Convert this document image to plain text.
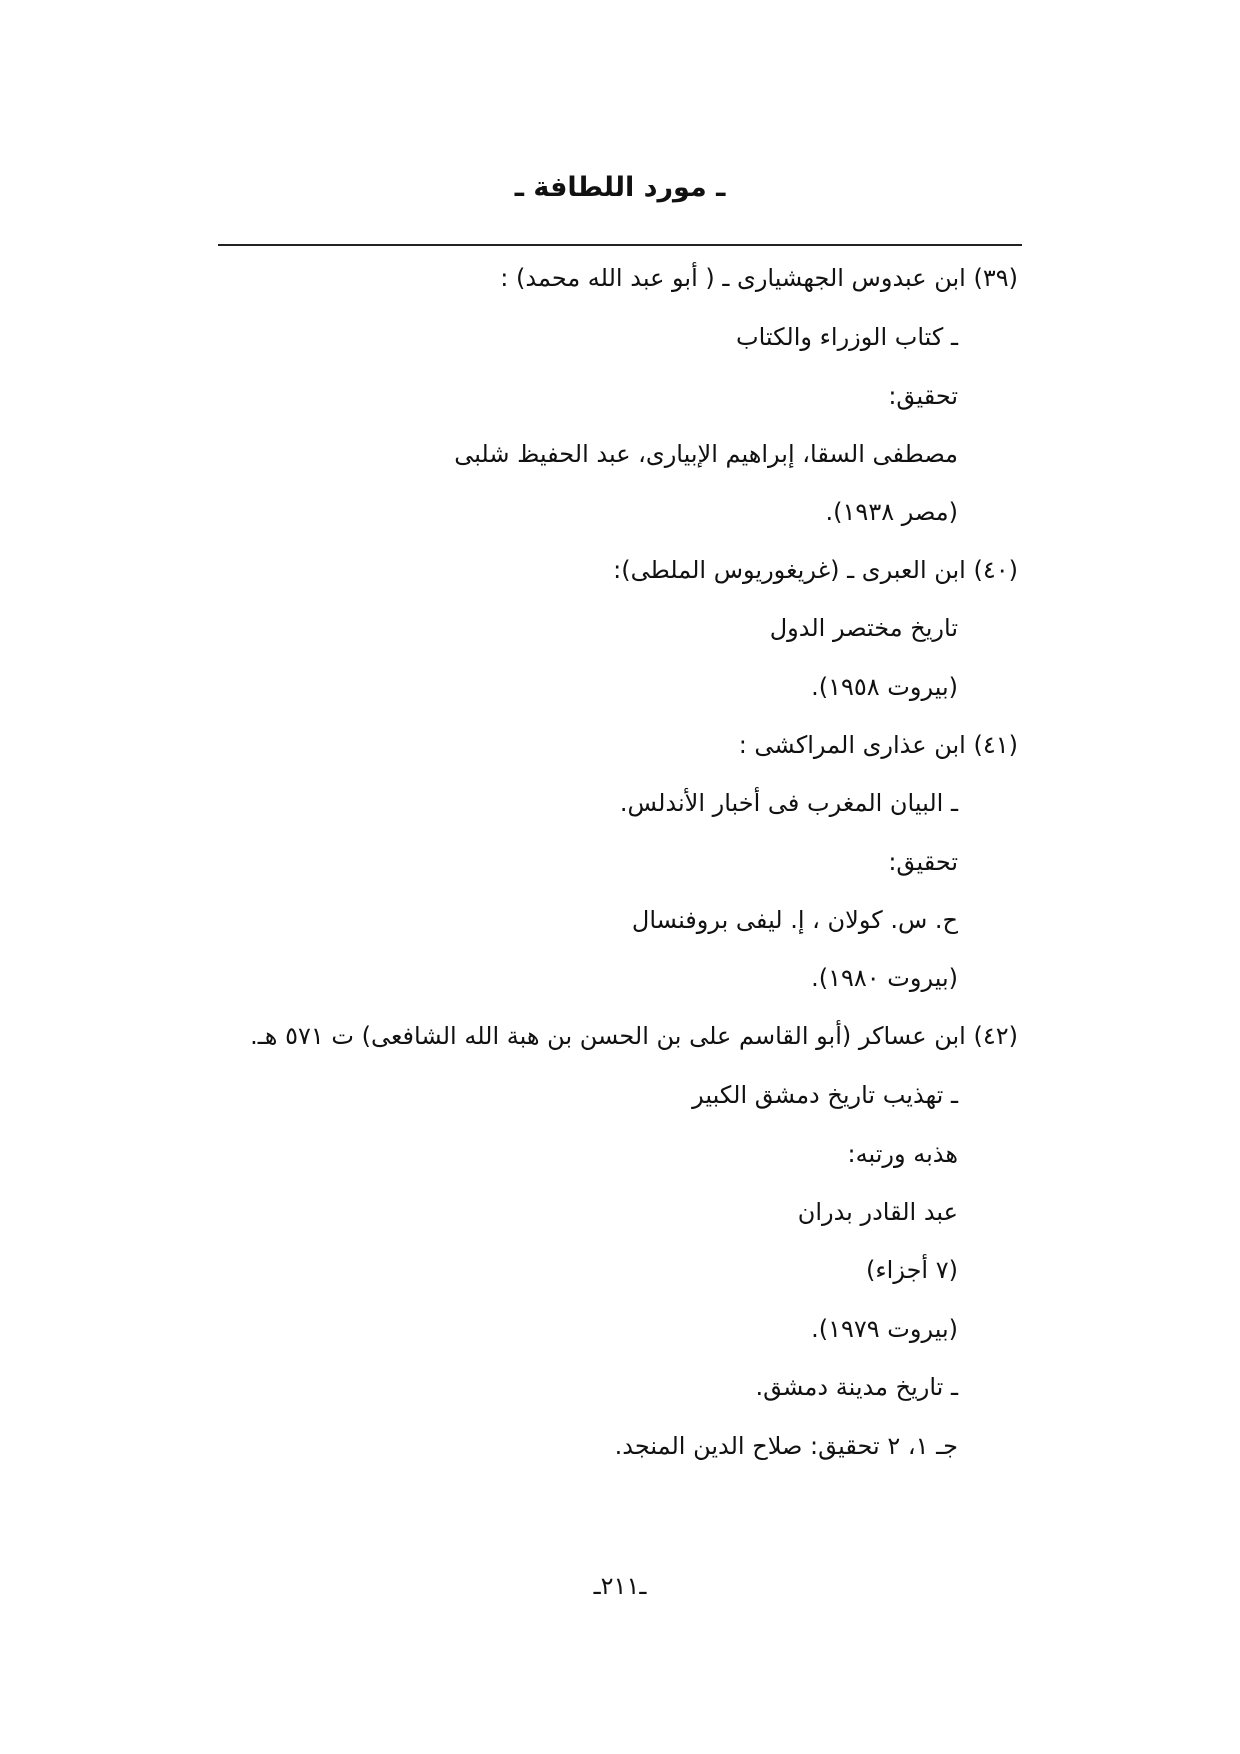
ـ مورد اللطافة ـ
(٣٩) ابن عبدوس الجهشيارى ـ ( أبو عبد الله محمد) :
ـ كتاب الوزراء والكتاب
تحقيق:
مصطفى السقا، إبراهيم الإبيارى، عبد الحفيظ شلبى
(مصر ١٩٣٨).
(٤٠) ابن العبرى ـ (غريغوريوس الملطى):
تاريخ مختصر الدول
(بيروت ١٩٥٨).
(٤١) ابن عذارى المراكشى :
ـ البيان المغرب فى أخبار الأندلس.
تحقيق:
ح. س. كولان ، إ. ليفى بروفنسال
(بيروت ١٩٨٠).
(٤٢) ابن عساكر (أبو القاسم على بن الحسن بن هبة الله الشافعى) ت ٥٧١ هـ.
ـ تهذيب تاريخ دمشق الكبير
هذبه ورتبه:
عبد القادر بدران
(٧ أجزاء)
(بيروت ١٩٧٩).
ـ تاريخ مدينة دمشق.
جـ ١، ٢ تحقيق: صلاح الدين المنجد.
ـ٢١١ـ
